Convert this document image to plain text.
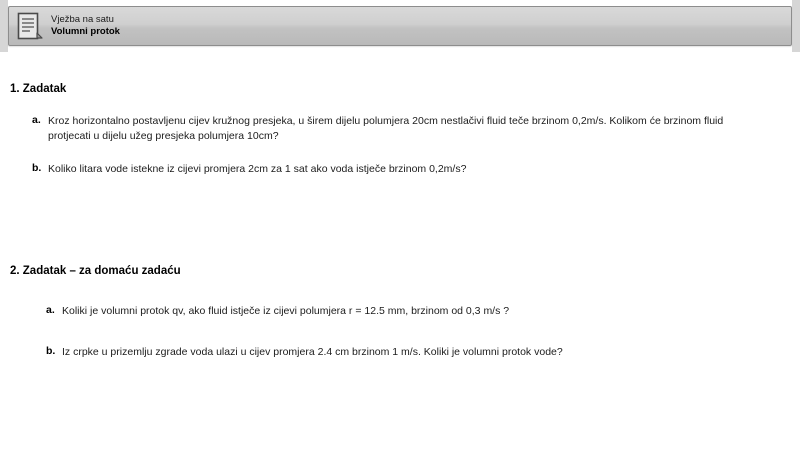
Vježba na satu
Volumni protok
1. Zadatak
a. Kroz horizontalno postavljenu cijev kružnog presjeka, u širem dijelu polumjera 20cm nestlačivi fluid teče brzinom 0,2m/s. Kolikom će brzinom fluid protjecati u dijelu užeg presjeka polumjera 10cm?
b. Koliko litara vode istekne iz cijevi promjera 2cm za 1 sat ako voda istječe brzinom 0,2m/s?
2. Zadatak – za domaću zadaću
a. Koliki je volumni protok qv, ako fluid istječe iz cijevi polumjera r = 12.5 mm, brzinom od 0,3 m/s ?
b. Iz crpke u prizemlju zgrade voda ulazi u cijev promjera 2.4 cm brzinom 1 m/s. Koliki je volumni protok vode?
